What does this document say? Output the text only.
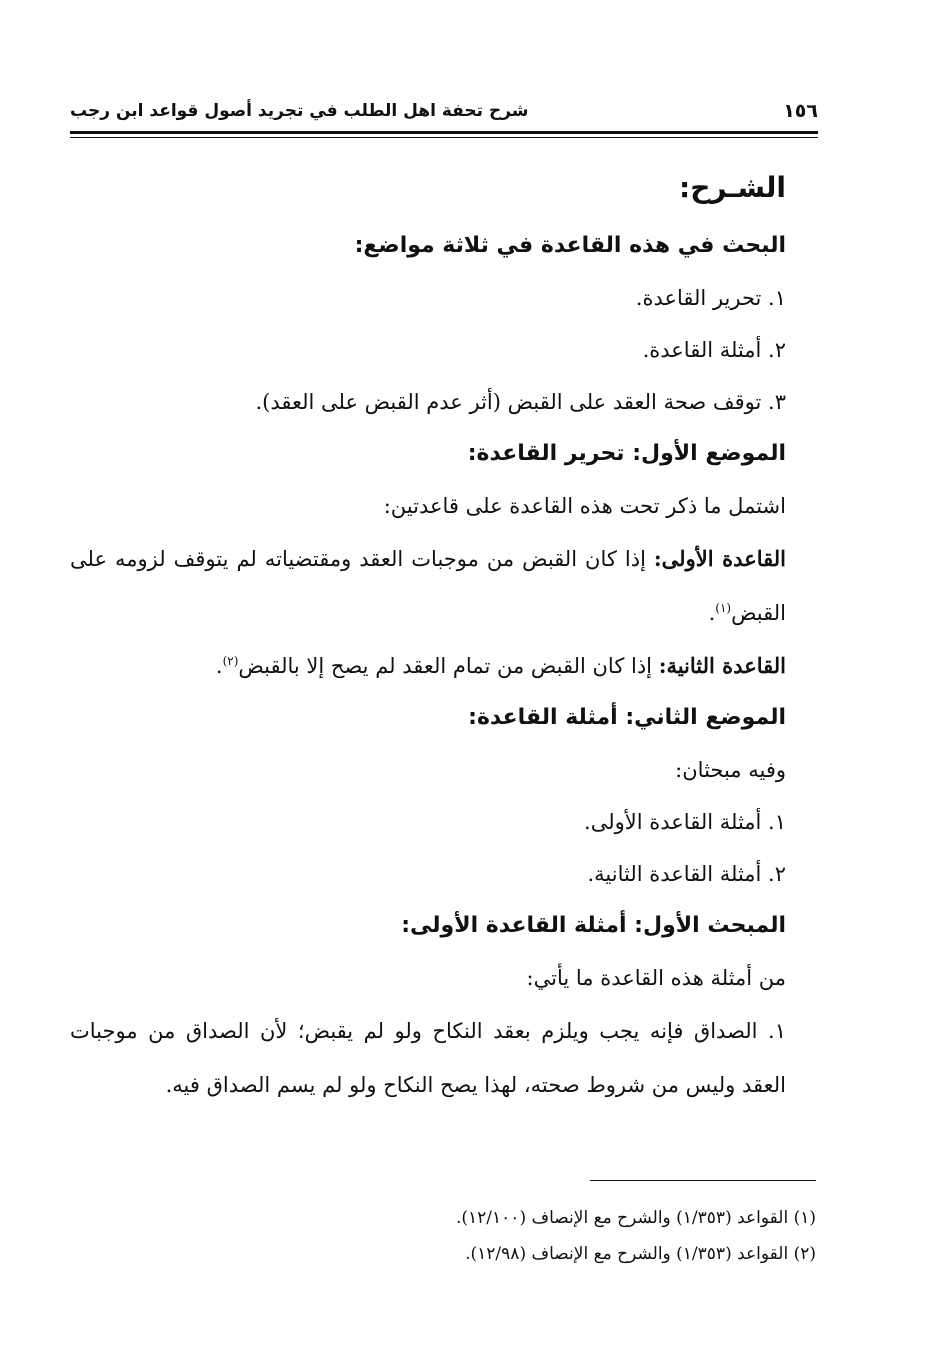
١٥٦
شرح تحفة اهل الطلب في تجريد أصول قواعد ابن رجب

الشـرح:

البحث في هذه القاعدة في ثلاثة مواضع:

١. تحرير القاعدة.

٢. أمثلة القاعدة.

٣. توقف صحة العقد على القبض (أثر عدم القبض على العقد).

الموضع الأول: تحرير القاعدة:

اشتمل ما ذكر تحت هذه القاعدة على قاعدتين:

القاعدة الأولى: إذا كان القبض من موجبات العقد ومقتضياته لم يتوقف لزومه على القبض$^{(١)}$.

القاعدة الثانية: إذا كان القبض من تمام العقد لم يصح إلا بالقبض$^{(٢)}$.

الموضع الثاني: أمثلة القاعدة:

وفيه مبحثان:

١. أمثلة القاعدة الأولى.

٢. أمثلة القاعدة الثانية.

المبحث الأول: أمثلة القاعدة الأولى:

من أمثلة هذه القاعدة ما يأتي:

١. الصداق فإنه يجب ويلزم بعقد النكاح ولو لم يقبض؛ لأن الصداق من موجبات العقد وليس من شروط صحته، لهذا يصح النكاح ولو لم يسم الصداق فيه.

(١) القواعد (١/٣٥٣) والشرح مع الإنصاف (١٢/١٠٠).

(٢) القواعد (١/٣٥٣) والشرح مع الإنصاف (١٢/٩٨).
